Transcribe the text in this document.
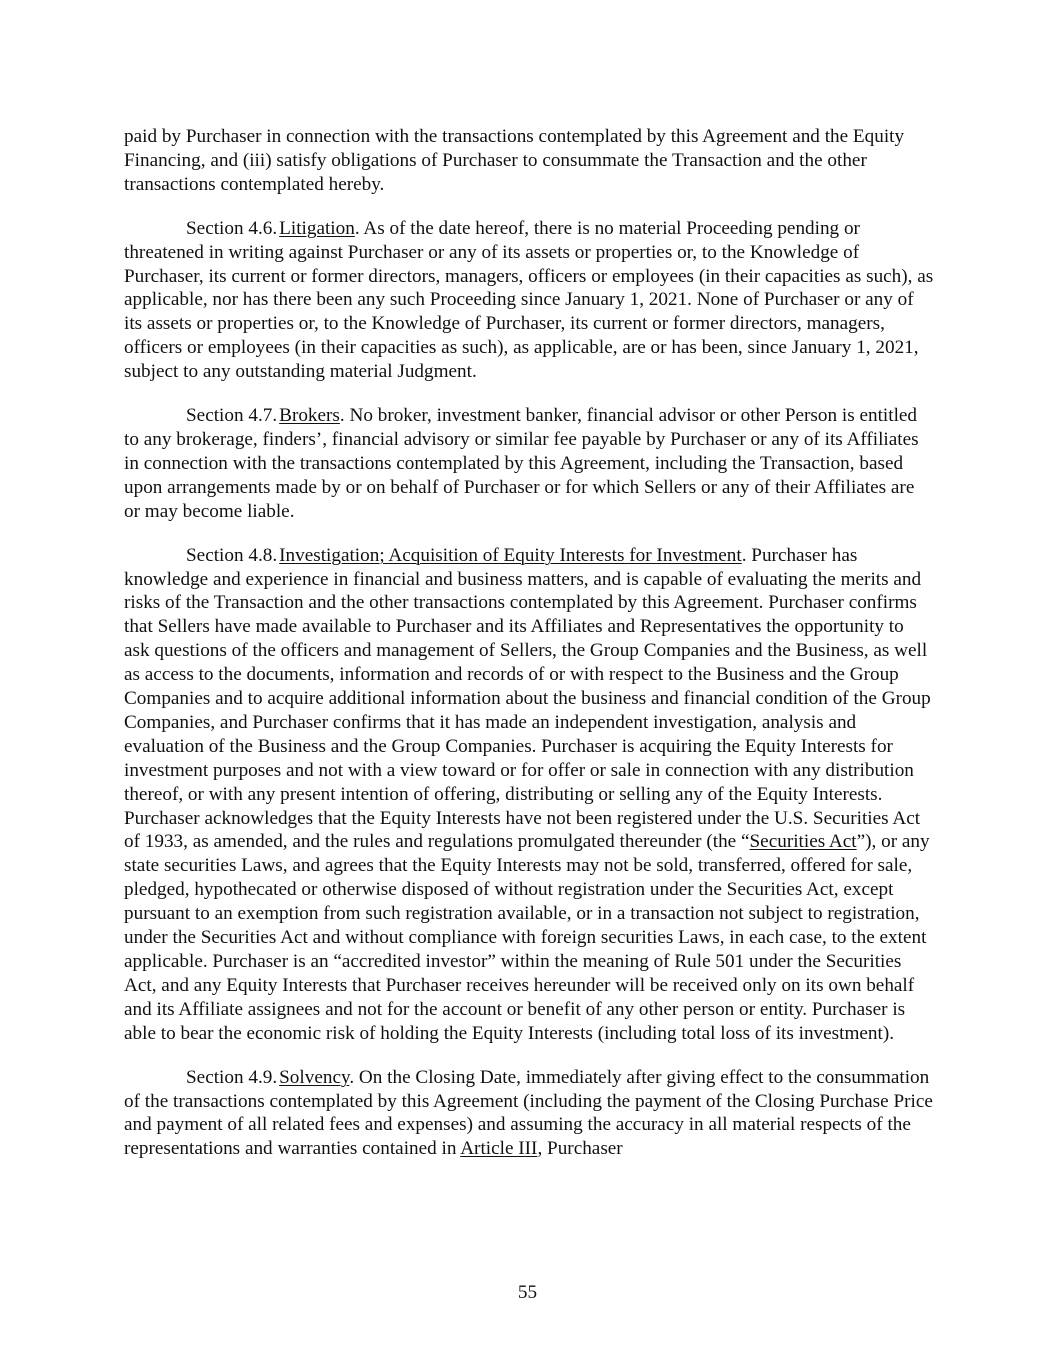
paid by Purchaser in connection with the transactions contemplated by this Agreement and the Equity Financing, and (iii) satisfy obligations of Purchaser to consummate the Transaction and the other transactions contemplated hereby.

Section 4.6. Litigation. As of the date hereof, there is no material Proceeding pending or threatened in writing against Purchaser or any of its assets or properties or, to the Knowledge of Purchaser, its current or former directors, managers, officers or employees (in their capacities as such), as applicable, nor has there been any such Proceeding since January 1, 2021. None of Purchaser or any of its assets or properties or, to the Knowledge of Purchaser, its current or former directors, managers, officers or employees (in their capacities as such), as applicable, are or has been, since January 1, 2021, subject to any outstanding material Judgment.

Section 4.7. Brokers. No broker, investment banker, financial advisor or other Person is entitled to any brokerage, finders’, financial advisory or similar fee payable by Purchaser or any of its Affiliates in connection with the transactions contemplated by this Agreement, including the Transaction, based upon arrangements made by or on behalf of Purchaser or for which Sellers or any of their Affiliates are or may become liable.

Section 4.8. Investigation; Acquisition of Equity Interests for Investment. Purchaser has knowledge and experience in financial and business matters, and is capable of evaluating the merits and risks of the Transaction and the other transactions contemplated by this Agreement. Purchaser confirms that Sellers have made available to Purchaser and its Affiliates and Representatives the opportunity to ask questions of the officers and management of Sellers, the Group Companies and the Business, as well as access to the documents, information and records of or with respect to the Business and the Group Companies and to acquire additional information about the business and financial condition of the Group Companies, and Purchaser confirms that it has made an independent investigation, analysis and evaluation of the Business and the Group Companies. Purchaser is acquiring the Equity Interests for investment purposes and not with a view toward or for offer or sale in connection with any distribution thereof, or with any present intention of offering, distributing or selling any of the Equity Interests. Purchaser acknowledges that the Equity Interests have not been registered under the U.S. Securities Act of 1933, as amended, and the rules and regulations promulgated thereunder (the “Securities Act”), or any state securities Laws, and agrees that the Equity Interests may not be sold, transferred, offered for sale, pledged, hypothecated or otherwise disposed of without registration under the Securities Act, except pursuant to an exemption from such registration available, or in a transaction not subject to registration, under the Securities Act and without compliance with foreign securities Laws, in each case, to the extent applicable. Purchaser is an “accredited investor” within the meaning of Rule 501 under the Securities Act, and any Equity Interests that Purchaser receives hereunder will be received only on its own behalf and its Affiliate assignees and not for the account or benefit of any other person or entity. Purchaser is able to bear the economic risk of holding the Equity Interests (including total loss of its investment).

Section 4.9. Solvency. On the Closing Date, immediately after giving effect to the consummation of the transactions contemplated by this Agreement (including the payment of the Closing Purchase Price and payment of all related fees and expenses) and assuming the accuracy in all material respects of the representations and warranties contained in Article III, Purchaser

55
